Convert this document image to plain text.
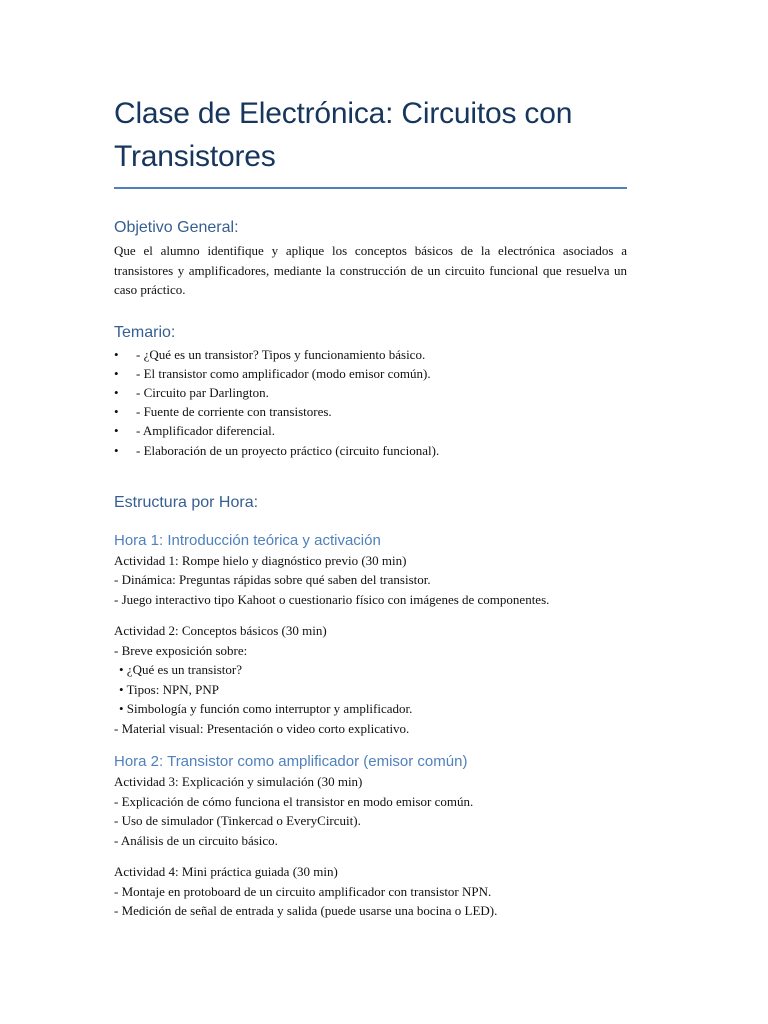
Clase de Electrónica: Circuitos con Transistores
Objetivo General:

Que el alumno identifique y aplique los conceptos básicos de la electrónica asociados a transistores y amplificadores, mediante la construcción de un circuito funcional que resuelva un caso práctico.

Temario:
• - ¿Qué es un transistor? Tipos y funcionamiento básico.
• - El transistor como amplificador (modo emisor común).
• - Circuito par Darlington.
• - Fuente de corriente con transistores.
• - Amplificador diferencial.
• - Elaboración de un proyecto práctico (circuito funcional).
Estructura por Hora:
Hora 1: Introducción teórica y activación

Actividad 1: Rompe hielo y diagnóstico previo (30 min)

- Dinámica: Preguntas rápidas sobre qué saben del transistor.

- Juego interactivo tipo Kahoot o cuestionario físico con imágenes de componentes.

Actividad 2: Conceptos básicos (30 min)

- Breve exposición sobre:

• ¿Qué es un transistor?

• Tipos: NPN, PNP

• Simbología y función como interruptor y amplificador.

- Material visual: Presentación o video corto explicativo.

Hora 2: Transistor como amplificador (emisor común)

Actividad 3: Explicación y simulación (30 min)

- Explicación de cómo funciona el transistor en modo emisor común.

- Uso de simulador (Tinkercad o EveryCircuit).

- Análisis de un circuito básico.

Actividad 4: Mini práctica guiada (30 min)

- Montaje en protoboard de un circuito amplificador con transistor NPN.

- Medición de señal de entrada y salida (puede usarse una bocina o LED).
